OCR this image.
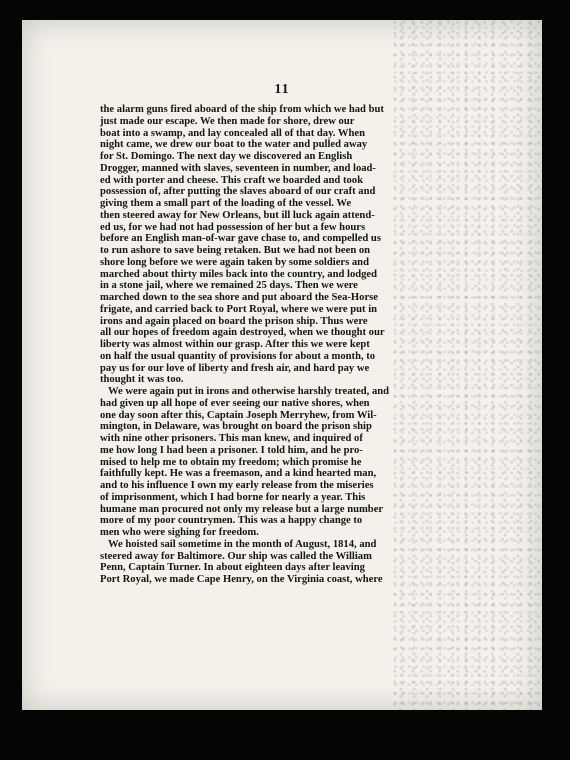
11
the alarm guns fired aboard of the ship from which we had but
just made our escape. We then made for shore, drew our
boat into a swamp, and lay concealed all of that day. When
night came, we drew our boat to the water and pulled away
for St. Domingo. The next day we discovered an English
Drogger, manned with slaves, seventeen in number, and load-
ed with porter and cheese. This craft we boarded and took
possession of, after putting the slaves aboard of our craft and
giving them a small part of the loading of the vessel. We
then steered away for New Orleans, but ill luck again attend-
ed us, for we had not had possession of her but a few hours
before an English man-of-war gave chase to, and compelled us
to run ashore to save being retaken. But we had not been on
shore long before we were again taken by some soldiers and
marched about thirty miles back into the country, and lodged
in a stone jail, where we remained 25 days. Then we were
marched down to the sea shore and put aboard the Sea-Horse
frigate, and carried back to Port Royal, where we were put in
irons and again placed on board the prison ship. Thus were
all our hopes of freedom again destroyed, when we thought our
liberty was almost within our grasp. After this we were kept
on half the usual quantity of provisions for about a month, to
pay us for our love of liberty and fresh air, and hard pay we
thought it was too.
We were again put in irons and otherwise harshly treated, and
had given up all hope of ever seeing our native shores, when
one day soon after this, Captain Joseph Merryhew, from Wil-
mington, in Delaware, was brought on board the prison ship
with nine other prisoners. This man knew, and inquired of
me how long I had been a prisoner. I told him, and he pro-
mised to help me to obtain my freedom; which promise he
faithfully kept. He was a freemason, and a kind hearted man,
and to his influence I own my early release from the miseries
of imprisonment, which I had borne for nearly a year. This
humane man procured not only my release but a large number
more of my poor countrymen. This was a happy change to
men who were sighing for freedom.
We hoisted sail sometime in the month of August, 1814, and
steered away for Baltimore. Our ship was called the William
Penn, Captain Turner. In about eighteen days after leaving
Port Royal, we made Cape Henry, on the Virginia coast, where
